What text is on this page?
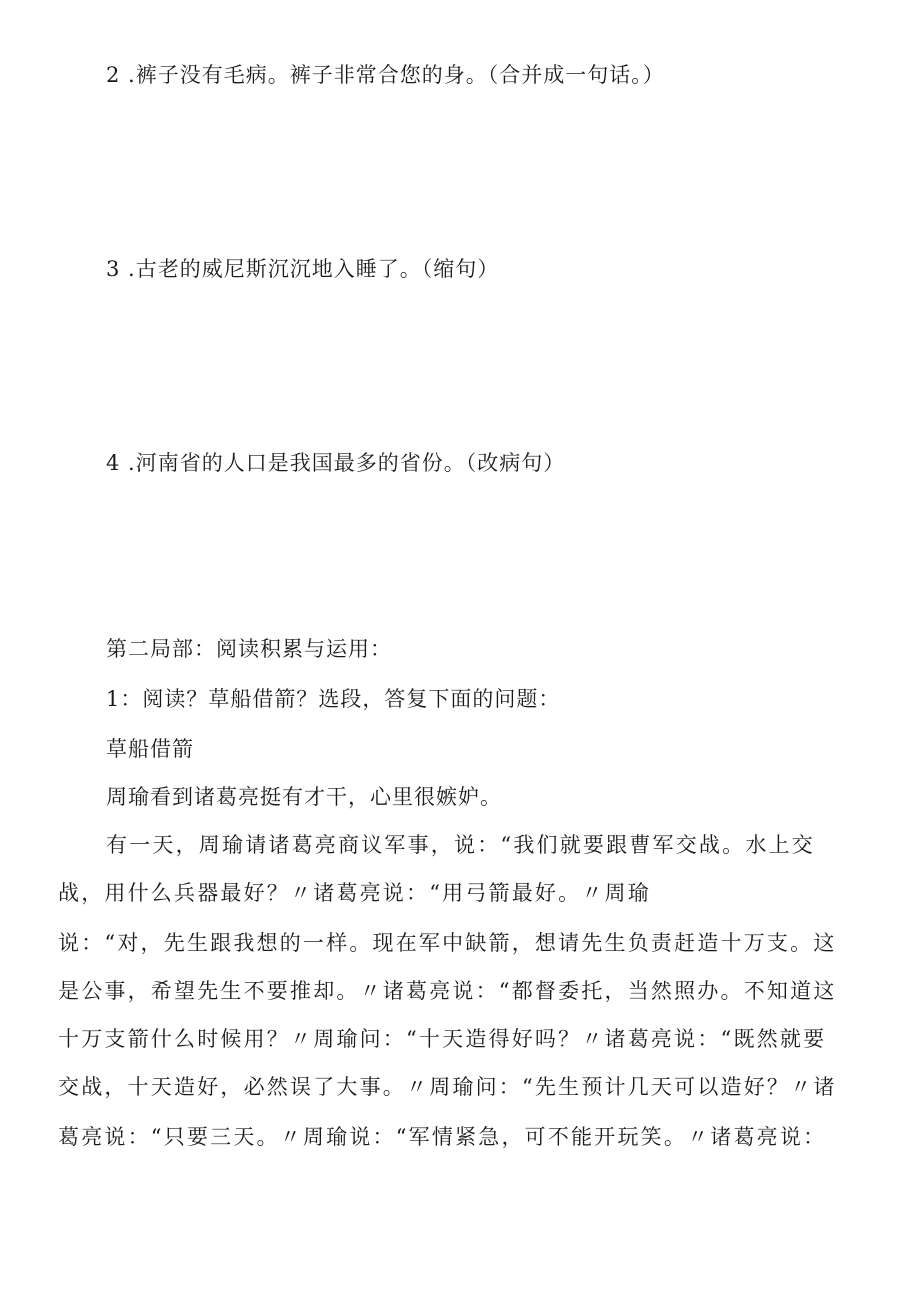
2 .裤子没有毛病。裤子非常合您的身。（合并成一句话。）
3 .古老的威尼斯沉沉地入睡了。（缩句）
4 .河南省的人口是我国最多的省份。（改病句）
第二局部：阅读积累与运用：
1：阅读？草船借箭？选段，答复下面的问题：
草船借箭
周瑜看到诸葛亮挺有才干，心里很嫉妒。
有一天，周瑜请诸葛亮商议军事，说：“我们就要跟曹军交战。水上交
战，用什么兵器最好？〃诸葛亮说：“用弓箭最好。〃周瑜
说：“对，先生跟我想的一样。现在军中缺箭，想请先生负责赶造十万支。这
是公事，希望先生不要推却。〃诸葛亮说：“都督委托，当然照办。不知道这
十万支箭什么时候用？〃周瑜问：“十天造得好吗？〃诸葛亮说：“既然就要
交战，十天造好，必然误了大事。〃周瑜问：“先生预计几天可以造好？〃诸
葛亮说：“只要三天。〃周瑜说：“军情紧急，可不能开玩笑。〃诸葛亮说：
